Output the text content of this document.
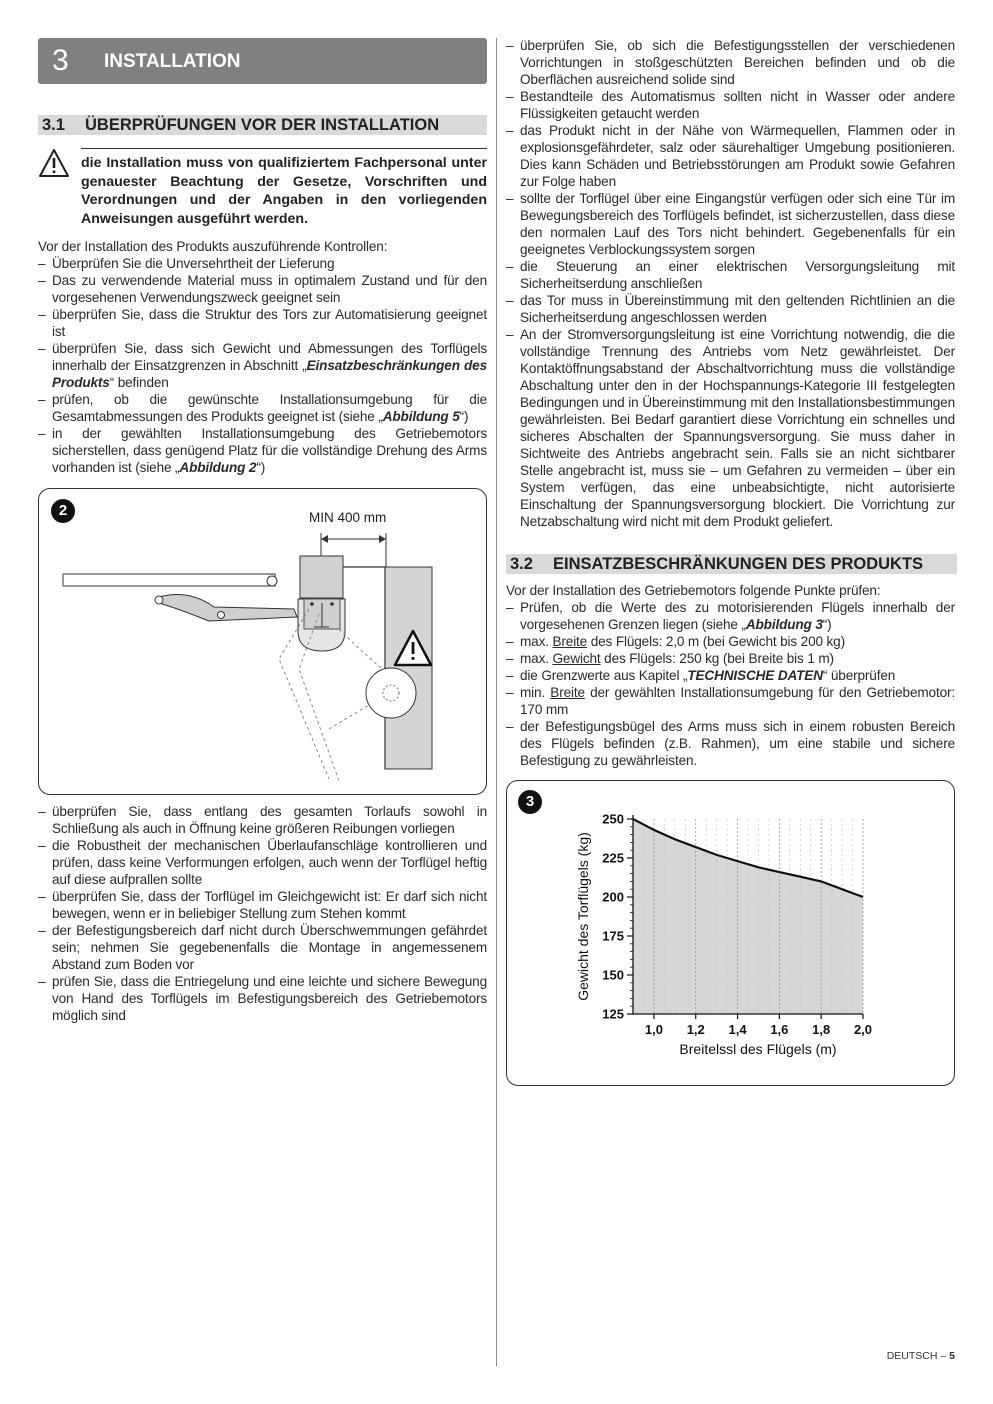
3 INSTALLATION
3.1 ÜBERPRÜFUNGEN VOR DER INSTALLATION
die Installation muss von qualifiziertem Fachpersonal unter genauester Beachtung der Gesetze, Vorschriften und Verordnungen und der Angaben in den vorliegenden Anweisungen ausgeführt werden.
Vor der Installation des Produkts auszuführende Kontrollen:
– Überprüfen Sie die Unversehrtheit der Lieferung
– Das zu verwendende Material muss in optimalem Zustand und für den vorgesehenen Verwendungszweck geeignet sein
– überprüfen Sie, dass die Struktur des Tors zur Automatisierung geeignet ist
– überprüfen Sie, dass sich Gewicht und Abmessungen des Torflügels innerhalb der Einsatzgrenzen in Abschnitt „Einsatzbeschränkungen des Produkts“ befinden
– prüfen, ob die gewünschte Installationsumgebung für die Gesamtabmessungen des Produkts geeignet ist (siehe „Abbildung 5“)
– in der gewählten Installationsumgebung des Getriebemotors sicherstellen, dass genügend Platz für die vollständige Drehung des Arms vorhanden ist (siehe „Abbildung 2“)
– überprüfen Sie, dass entlang des gesamten Torlaufs sowohl in Schließung als auch in Öffnung keine größeren Reibungen vorliegen
– die Robustheit der mechanischen Überlaufanschläge kontrollieren und prüfen, dass keine Verformungen erfolgen, auch wenn der Torflügel heftig auf diese aufprallen sollte
– überprüfen Sie, dass der Torflügel im Gleichgewicht ist: Er darf sich nicht bewegen, wenn er in beliebiger Stellung zum Stehen kommt
– der Befestigungsbereich darf nicht durch Überschwemmungen gefährdet sein; nehmen Sie gegebenenfalls die Montage in angemessenem Abstand zum Boden vor
– prüfen Sie, dass die Entriegelung und eine leichte und sichere Bewegung von Hand des Torflügels im Befestigungsbereich des Getriebemotors möglich sind
2	MIN 400 mm
– überprüfen Sie, ob sich die Befestigungsstellen der verschiedenen Vorrichtungen in stoßgeschützten Bereichen befinden und ob die Oberflächen ausreichend solide sind
– Bestandteile des Automatismus sollten nicht in Wasser oder andere Flüssigkeiten getaucht werden
– das Produkt nicht in der Nähe von Wärmequellen, Flammen oder in explosionsgefährdeter, salz oder säurehaltiger Umgebung positionieren. Dies kann Schäden und Betriebsstörungen am Produkt sowie Gefahren zur Folge haben
– sollte der Torflügel über eine Eingangstür verfügen oder sich eine Tür im Bewegungsbereich des Torflügels befindet, ist sicherzustellen, dass diese den normalen Lauf des Tors nicht behindert. Gegebenenfalls für ein geeignetes Verblockungssystem sorgen
– die Steuerung an einer elektrischen Versorgungsleitung mit Sicherheitserdung anschließen
– das Tor muss in Übereinstimmung mit den geltenden Richtlinien an die Sicherheitserdung angeschlossen werden
– An der Stromversorgungsleitung ist eine Vorrichtung notwendig, die die vollständige Trennung des Antriebs vom Netz gewährleistet. Der Kontaktöffnungsabstand der Abschaltvorrichtung muss die vollständige Abschaltung unter den in der Hochspannungs-Kategorie III festgelegten Bedingungen und in Übereinstimmung mit den Installationsbestimmungen gewährleisten. Bei Bedarf garantiert diese Vorrichtung ein schnelles und sicheres Abschalten der Spannungsversorgung. Sie muss daher in Sichtweite des Antriebs angebracht sein. Falls sie an nicht sichtbarer Stelle angebracht ist, muss sie – um Gefahren zu vermeiden – über ein System verfügen, das eine unbeabsichtigte, nicht autorisierte Einschaltung der Spannungsversorgung blockiert. Die Vorrichtung zur Netzabschaltung wird nicht mit dem Produkt geliefert.
Vor der Installation des Getriebemotors folgende Punkte prüfen:
– Prüfen, ob die Werte des zu motorisierenden Flügels innerhalb der vorgesehenen Grenzen liegen (siehe „Abbildung 3“)
– max. Breite des Flügels: 2,0 m (bei Gewicht bis 200 kg)
– max. Gewicht des Flügels: 250 kg (bei Breite bis 1 m)
– die Grenzwerte aus Kapitel „TECHNISCHE DATEN“ überprüfen
– min. Breite der gewählten Installationsumgebung für den Getriebemotor: 170 mm
– der Befestigungsbügel des Arms muss sich in einem robusten Bereich des Flügels befinden (z.B. Rahmen), um eine stabile und sichere Befestigung zu gewährleisten.
3.2 EINSATZBESCHRÄNKUNGEN DES PRODUKTS
3
250
225
200
175
150
125
1,0 1,2 1,4 1,6 1,8 2,0
Breitelssl des Flügels (m)
Gewicht des Torflügels (kg)
DEUTSCH – 5
